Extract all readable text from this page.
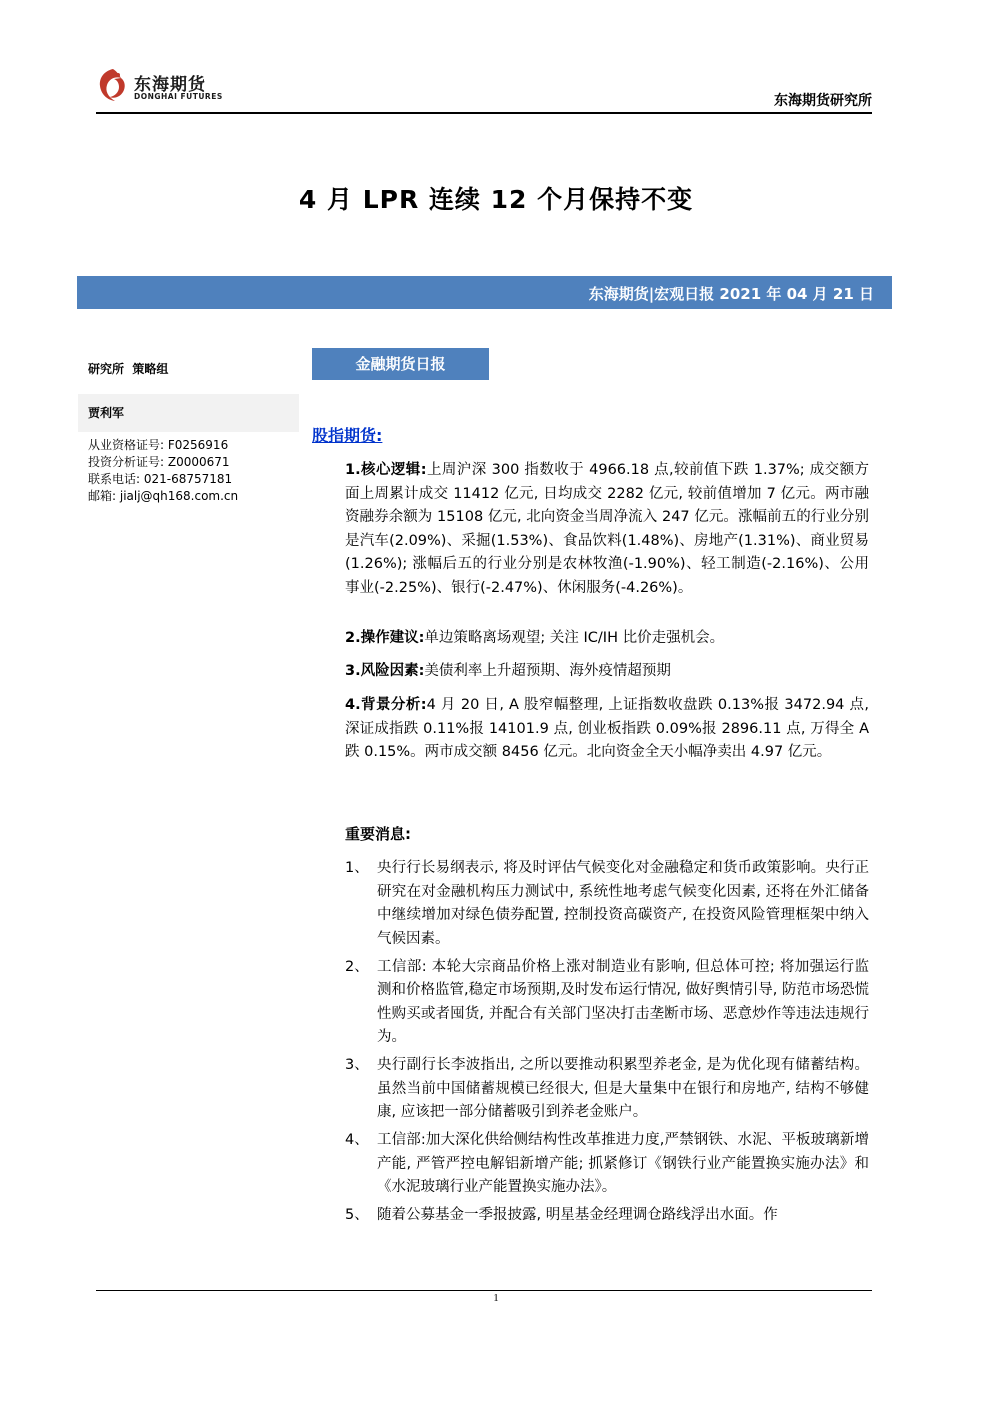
东海期货
DONGHAI FUTURES	东海期货研究所
4 月 LPR 连续 12 个月保持不变
东海期货|宏观日报 2021 年 04 月 21 日
研究所  策略组
贾利军
从业资格证号: F0256916
投资分析证号: Z0000671
联系电话: 021-68757181
邮箱: jialj@qh168.com.cn
金融期货日报
股指期货:
1.核心逻辑:上周沪深 300 指数收于 4966.18 点,较前值下跌 1.37%; 成交额方面上周累计成交 11412 亿元, 日均成交 2282 亿元, 较前值增加 7 亿元。两市融资融券余额为 15108 亿元, 北向资金当周净流入 247 亿元。涨幅前五的行业分别是汽车(2.09%)、采掘(1.53%)、食品饮料(1.48%)、房地产(1.31%)、商业贸易(1.26%); 涨幅后五的行业分别是农林牧渔(-1.90%)、轻工制造(-2.16%)、公用事业(-2.25%)、银行(-2.47%)、休闲服务(-4.26%)。
2.操作建议:单边策略离场观望; 关注 IC/IH 比价走强机会。
3.风险因素:美债利率上升超预期、海外疫情超预期
4.背景分析:4 月 20 日, A 股窄幅整理, 上证指数收盘跌 0.13%报 3472.94 点, 深证成指跌 0.11%报 14101.9 点, 创业板指跌 0.09%报 2896.11 点, 万得全 A 跌 0.15%。两市成交额 8456 亿元。北向资金全天小幅净卖出 4.97 亿元。
重要消息:
1、 央行行长易纲表示, 将及时评估气候变化对金融稳定和货币政策影响。央行正研究在对金融机构压力测试中, 系统性地考虑气候变化因素, 还将在外汇储备中继续增加对绿色债券配置, 控制投资高碳资产, 在投资风险管理框架中纳入气候因素。
2、 工信部: 本轮大宗商品价格上涨对制造业有影响, 但总体可控; 将加强运行监测和价格监管,稳定市场预期,及时发布运行情况, 做好舆情引导, 防范市场恐慌性购买或者囤货, 并配合有关部门坚决打击垄断市场、恶意炒作等违法违规行为。
3、 央行副行长李波指出, 之所以要推动积累型养老金, 是为优化现有储蓄结构。虽然当前中国储蓄规模已经很大, 但是大量集中在银行和房地产, 结构不够健康, 应该把一部分储蓄吸引到养老金账户。
4、 工信部:加大深化供给侧结构性改革推进力度,严禁钢铁、水泥、平板玻璃新增产能, 严管严控电解铝新增产能; 抓紧修订《钢铁行业产能置换实施办法》和《水泥玻璃行业产能置换实施办法》。
5、 随着公募基金一季报披露, 明星基金经理调仓路线浮出水面。作
1
